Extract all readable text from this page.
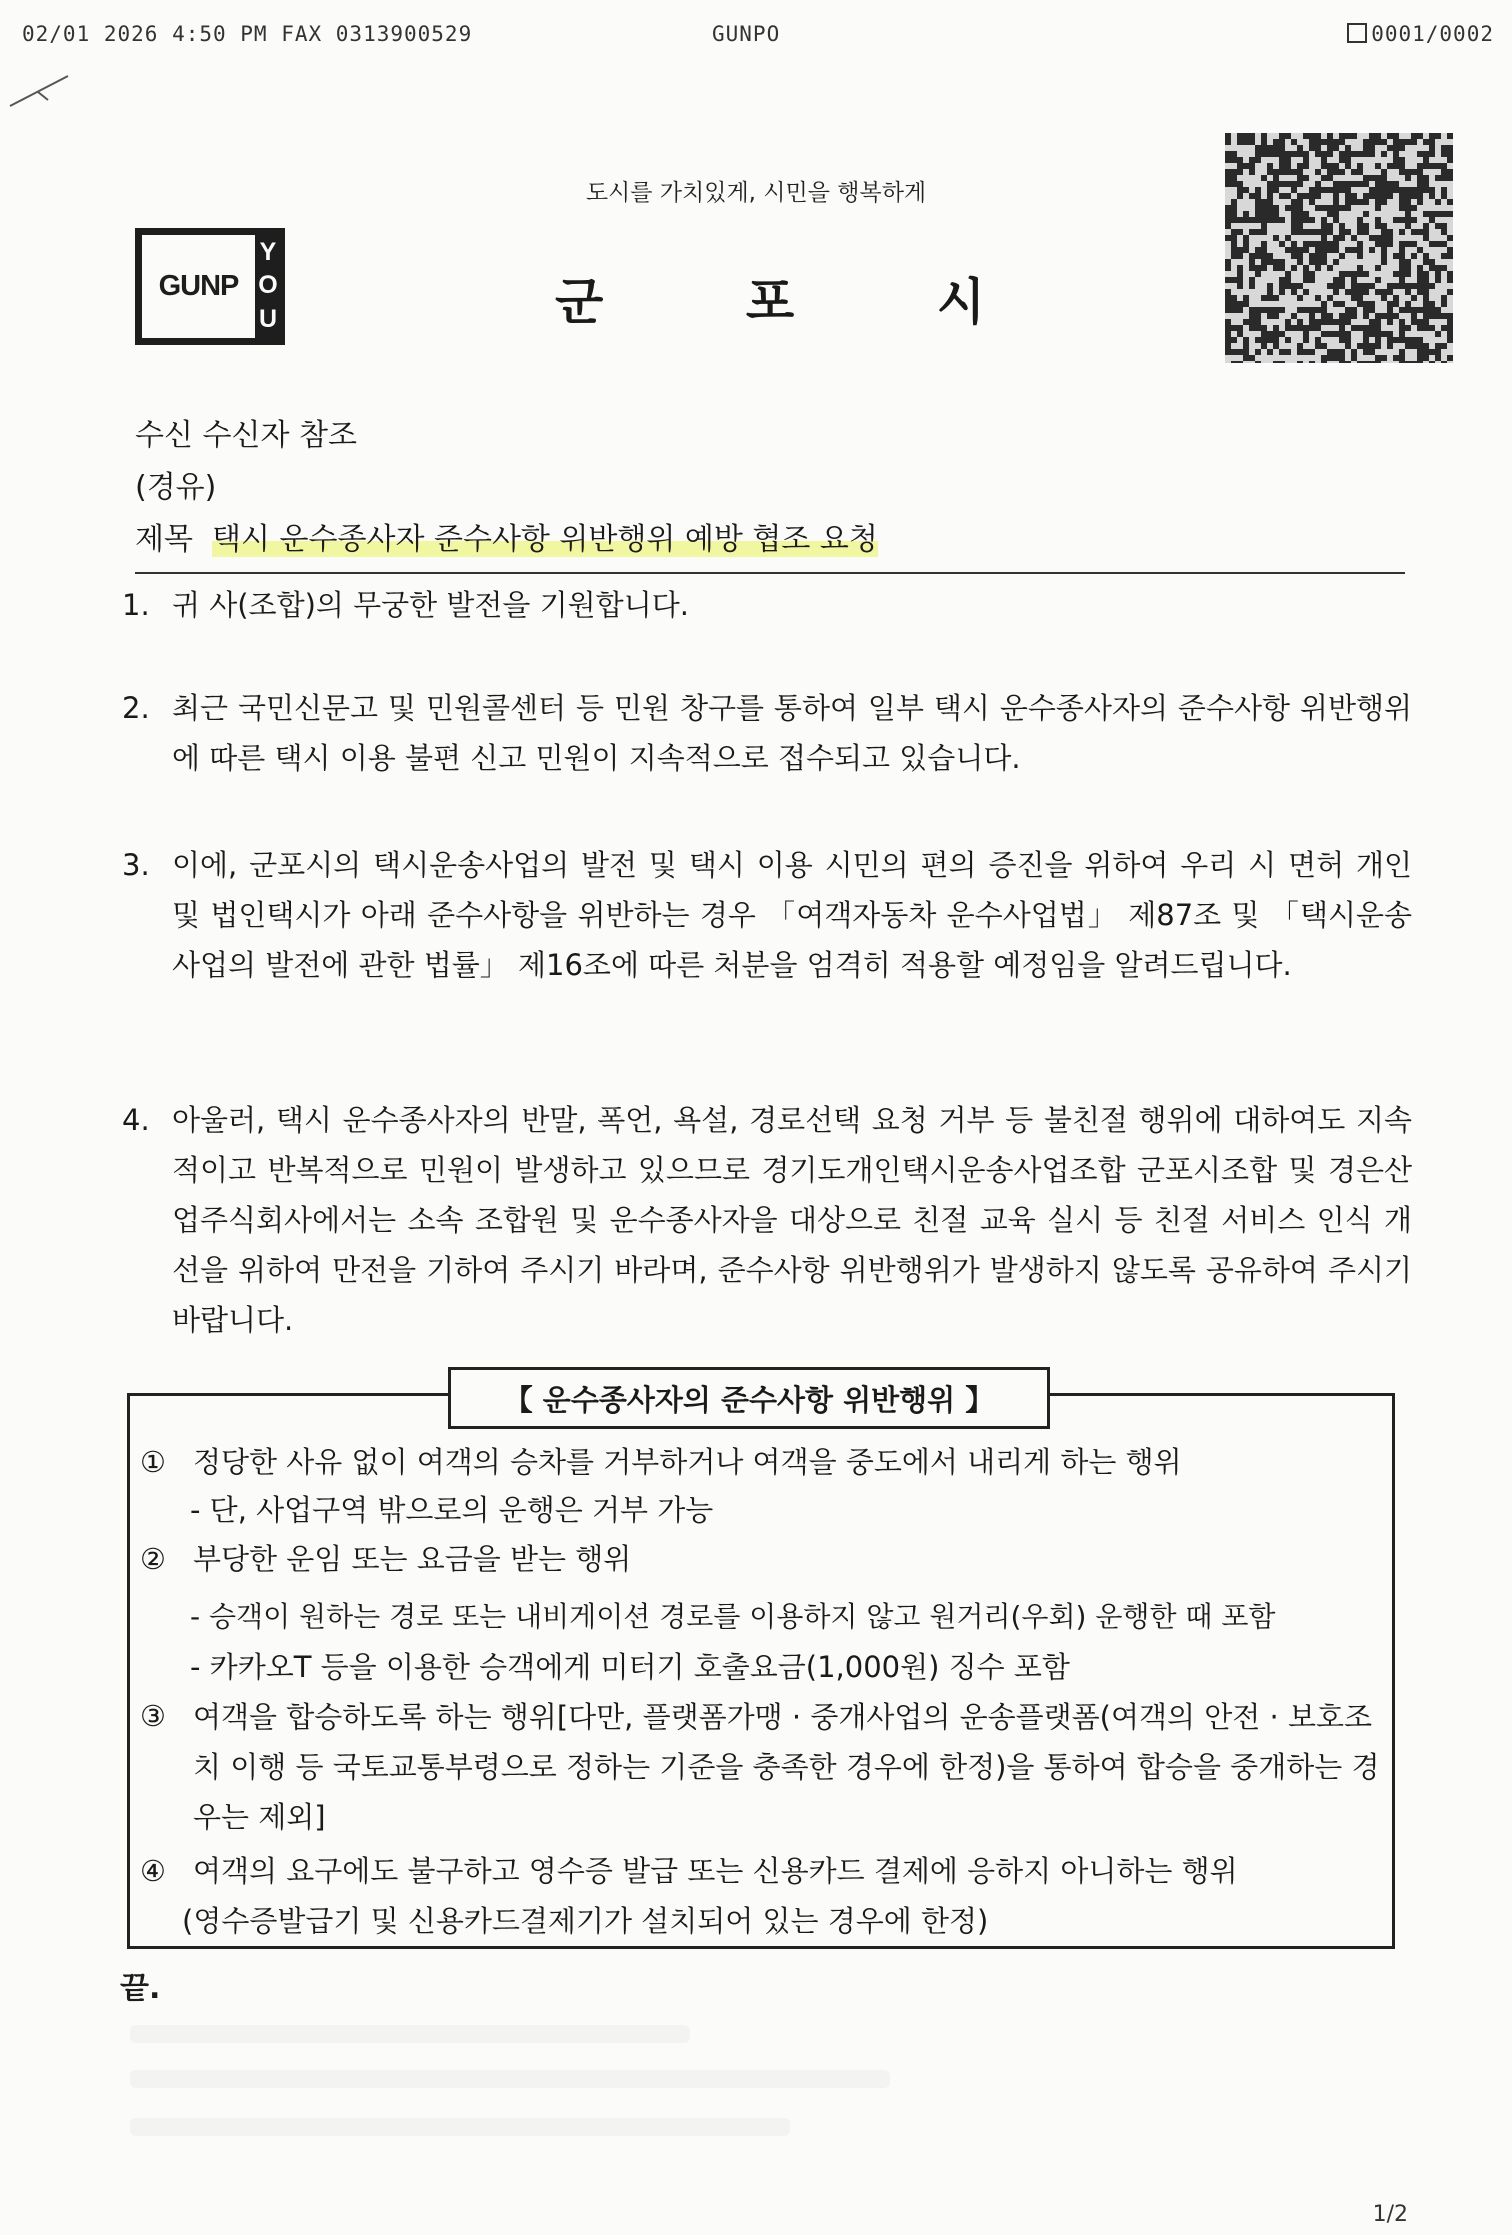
02/01 2026 4:50 PM FAX 0313900529	GUNPO	0001/0002
도시를 가치있게, 시민을 행복하게
GUNP
Y
O
U	군	포	시
수신 수신자 참조
(경유)
제목 택시 운수종사자 준수사항 위반행위 예방 협조 요청
1. 귀 사(조합)의 무궁한 발전을 기원합니다.
2. 최근 국민신문고 및 민원콜센터 등 민원 창구를 통하여 일부 택시 운수종사자의 준수사항 위반행위에 따른 택시 이용 불편 신고 민원이 지속적으로 접수되고 있습니다.
3. 이에, 군포시의 택시운송사업의 발전 및 택시 이용 시민의 편의 증진을 위하여 우리 시 면허 개인 및 법인택시가 아래 준수사항을 위반하는 경우 「여객자동차 운수사업법」 제87조 및 「택시운송사업의 발전에 관한 법률」 제16조에 따른 처분을 엄격히 적용할 예정임을 알려드립니다.
4. 아울러, 택시 운수종사자의 반말, 폭언, 욕설, 경로선택 요청 거부 등 불친절 행위에 대하여도 지속적이고 반복적으로 민원이 발생하고 있으므로 경기도개인택시운송사업조합 군포시조합 및 경은산업주식회사에서는 소속 조합원 및 운수종사자을 대상으로 친절 교육 실시 등 친절 서비스 인식 개선을 위하여 만전을 기하여 주시기 바라며, 준수사항 위반행위가 발생하지 않도록 공유하여 주시기 바랍니다.
【 운수종사자의 준수사항 위반행위 】
① 정당한 사유 없이 여객의 승차를 거부하거나 여객을 중도에서 내리게 하는 행위
- 단, 사업구역 밖으로의 운행은 거부 가능
② 부당한 운임 또는 요금을 받는 행위
- 승객이 원하는 경로 또는 내비게이션 경로를 이용하지 않고 원거리(우회) 운행한 때 포함
- 카카오T 등을 이용한 승객에게 미터기 호출요금(1,000원) 징수 포함
③ 여객을 합승하도록 하는 행위[다만, 플랫폼가맹 · 중개사업의 운송플랫폼(여객의 안전 · 보호조치 이행 등 국토교통부령으로 정하는 기준을 충족한 경우에 한정)을 통하여 합승을 중개하는 경우는 제외]
④ 여객의 요구에도 불구하고 영수증 발급 또는 신용카드 결제에 응하지 아니하는 행위
(영수증발급기 및 신용카드결제기가 설치되어 있는 경우에 한정)
끝.
1/2
